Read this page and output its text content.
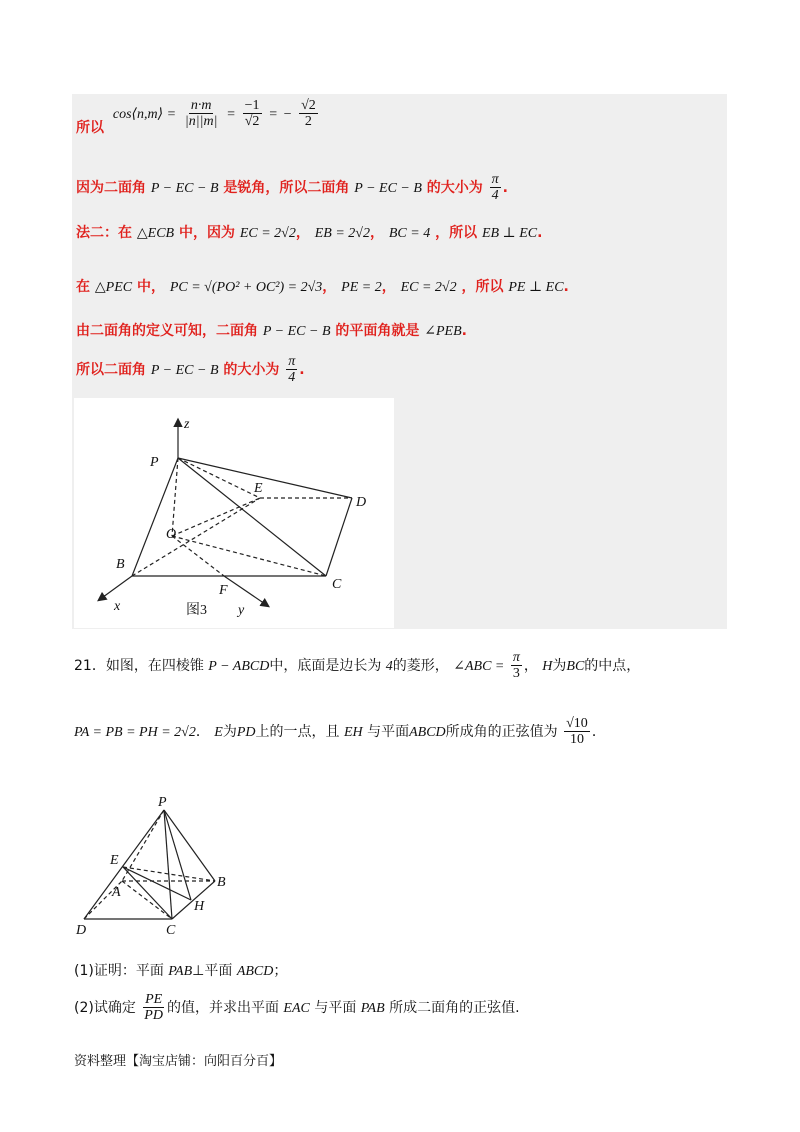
所以 cos⟨n,m⟩ = $\frac{n\cdot m}{|n||m|} = \frac{-1}{√2}$ = − $\frac{√2}{2}$
因为二面角 P − EC − B 是锐角，所以二面角 P − EC − B 的大小为 $\frac{\pi}{4}$ .
法二：在 △ECB 中，因为 EC = 2√2， EB = 2√2， BC = 4 ，所以 EB ⊥ EC.
在 △PEC 中， PC = √(PO² + OC²) = 2√3， PE = 2， EC = 2√2 ，所以 PE ⊥ EC.
由二面角的定义可知，二面角 P − EC − B 的平面角就是 ∠PEB.
所以二面角 P − EC − B 的大小为 $\frac{\pi}{4}$ .
z
P
E
D
O
B
F	C
x	y
图3
21．如图，在四棱锥 P − ABCD中，底面是边长为 4的菱形， ∠ABC = $\frac{\pi}{3}$ ， H为BC的中点，
PA = PB = PH = 2√2． E为PD上的一点，且 EH 与平面ABCD所成角的正弦值为 $\frac{√10}{10}$ ．
P
E
A
B
H
D	C
(1)证明：平面 PAB⊥平面 ABCD；
(2)试确定 $\frac{PE}{PD}$ 的值，并求出平面 EAC 与平面 PAB 所成二面角的正弦值.
资料整理【淘宝店铺：向阳百分百】
